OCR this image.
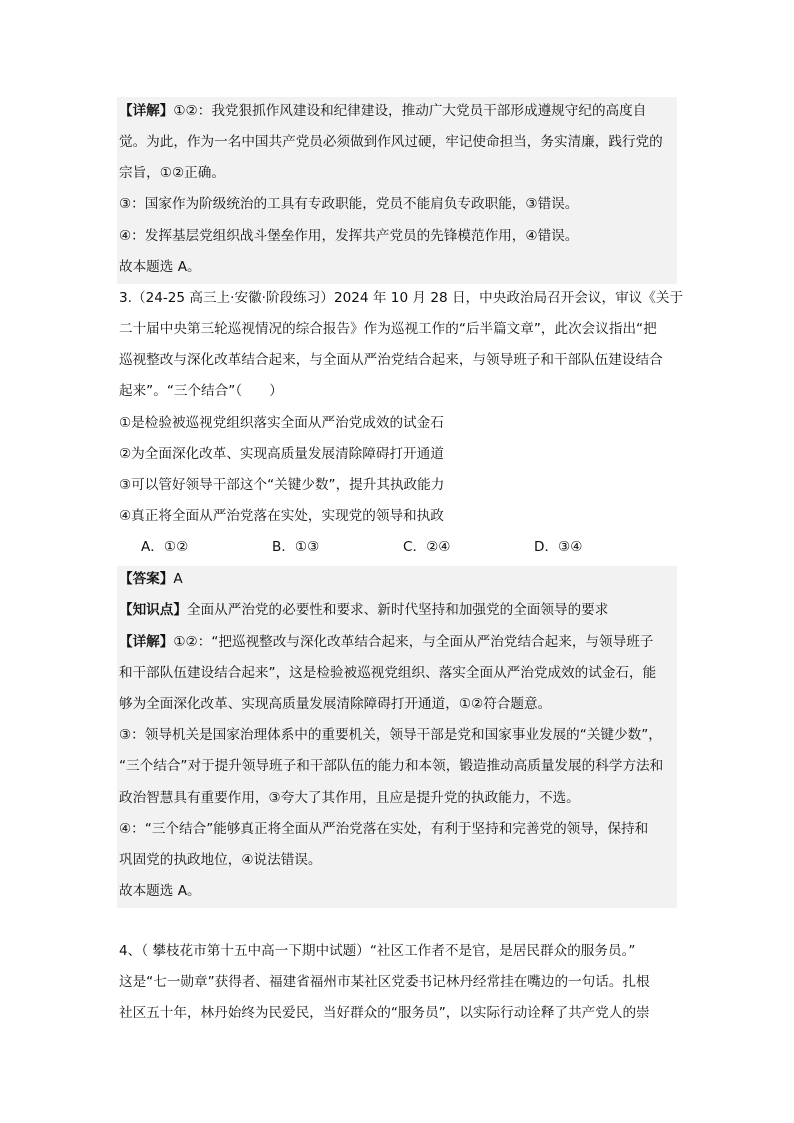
【详解】①②：我党狠抓作风建设和纪律建设，推动广大党员干部形成遵规守纪的高度自
觉。为此，作为一名中国共产党员必须做到作风过硬，牢记使命担当，务实清廉，践行党的
宗旨，①②正确。
③：国家作为阶级统治的工具有专政职能，党员不能肩负专政职能，③错误。
④：发挥基层党组织战斗堡垒作用，发挥共产党员的先锋模范作用，④错误。
故本题选 A。
3.（24-25 高三上·安徽·阶段练习）2024 年 10 月 28 日，中央政治局召开会议，审议《关于
二十届中央第三轮巡视情况的综合报告》作为巡视工作的“后半篇文章”，此次会议指出“把
巡视整改与深化改革结合起来，与全面从严治党结合起来，与领导班子和干部队伍建设结合
起来”。“三个结合”（　　）
①是检验被巡视党组织落实全面从严治党成效的试金石
②为全面深化改革、实现高质量发展清除障碍打开通道
③可以管好领导干部这个“关键少数”，提升其执政能力
④真正将全面从严治党落在实处，实现党的领导和执政
A．①②	B．①③	C．②④	D．③④
【答案】A
【知识点】全面从严治党的必要性和要求、新时代坚持和加强党的全面领导的要求
【详解】①②：“把巡视整改与深化改革结合起来，与全面从严治党结合起来，与领导班子
和干部队伍建设结合起来”，这是检验被巡视党组织、落实全面从严治党成效的试金石，能
够为全面深化改革、实现高质量发展清除障碍打开通道，①②符合题意。
③：领导机关是国家治理体系中的重要机关，领导干部是党和国家事业发展的“关键少数”，
“三个结合”对于提升领导班子和干部队伍的能力和本领，锻造推动高质量发展的科学方法和
政治智慧具有重要作用，③夸大了其作用，且应是提升党的执政能力，不选。
④：“三个结合”能够真正将全面从严治党落在实处，有利于坚持和完善党的领导，保持和
巩固党的执政地位，④说法错误。
故本题选 A。
4、（ 攀枝花市第十五中高一下期中试题）“社区工作者不是官，是居民群众的服务员。”
这是“七一勋章”获得者、福建省福州市某社区党委书记林丹经常挂在嘴边的一句话。扎根
社区五十年，林丹始终为民爱民，当好群众的“服务员”，以实际行动诠释了共产党人的崇
